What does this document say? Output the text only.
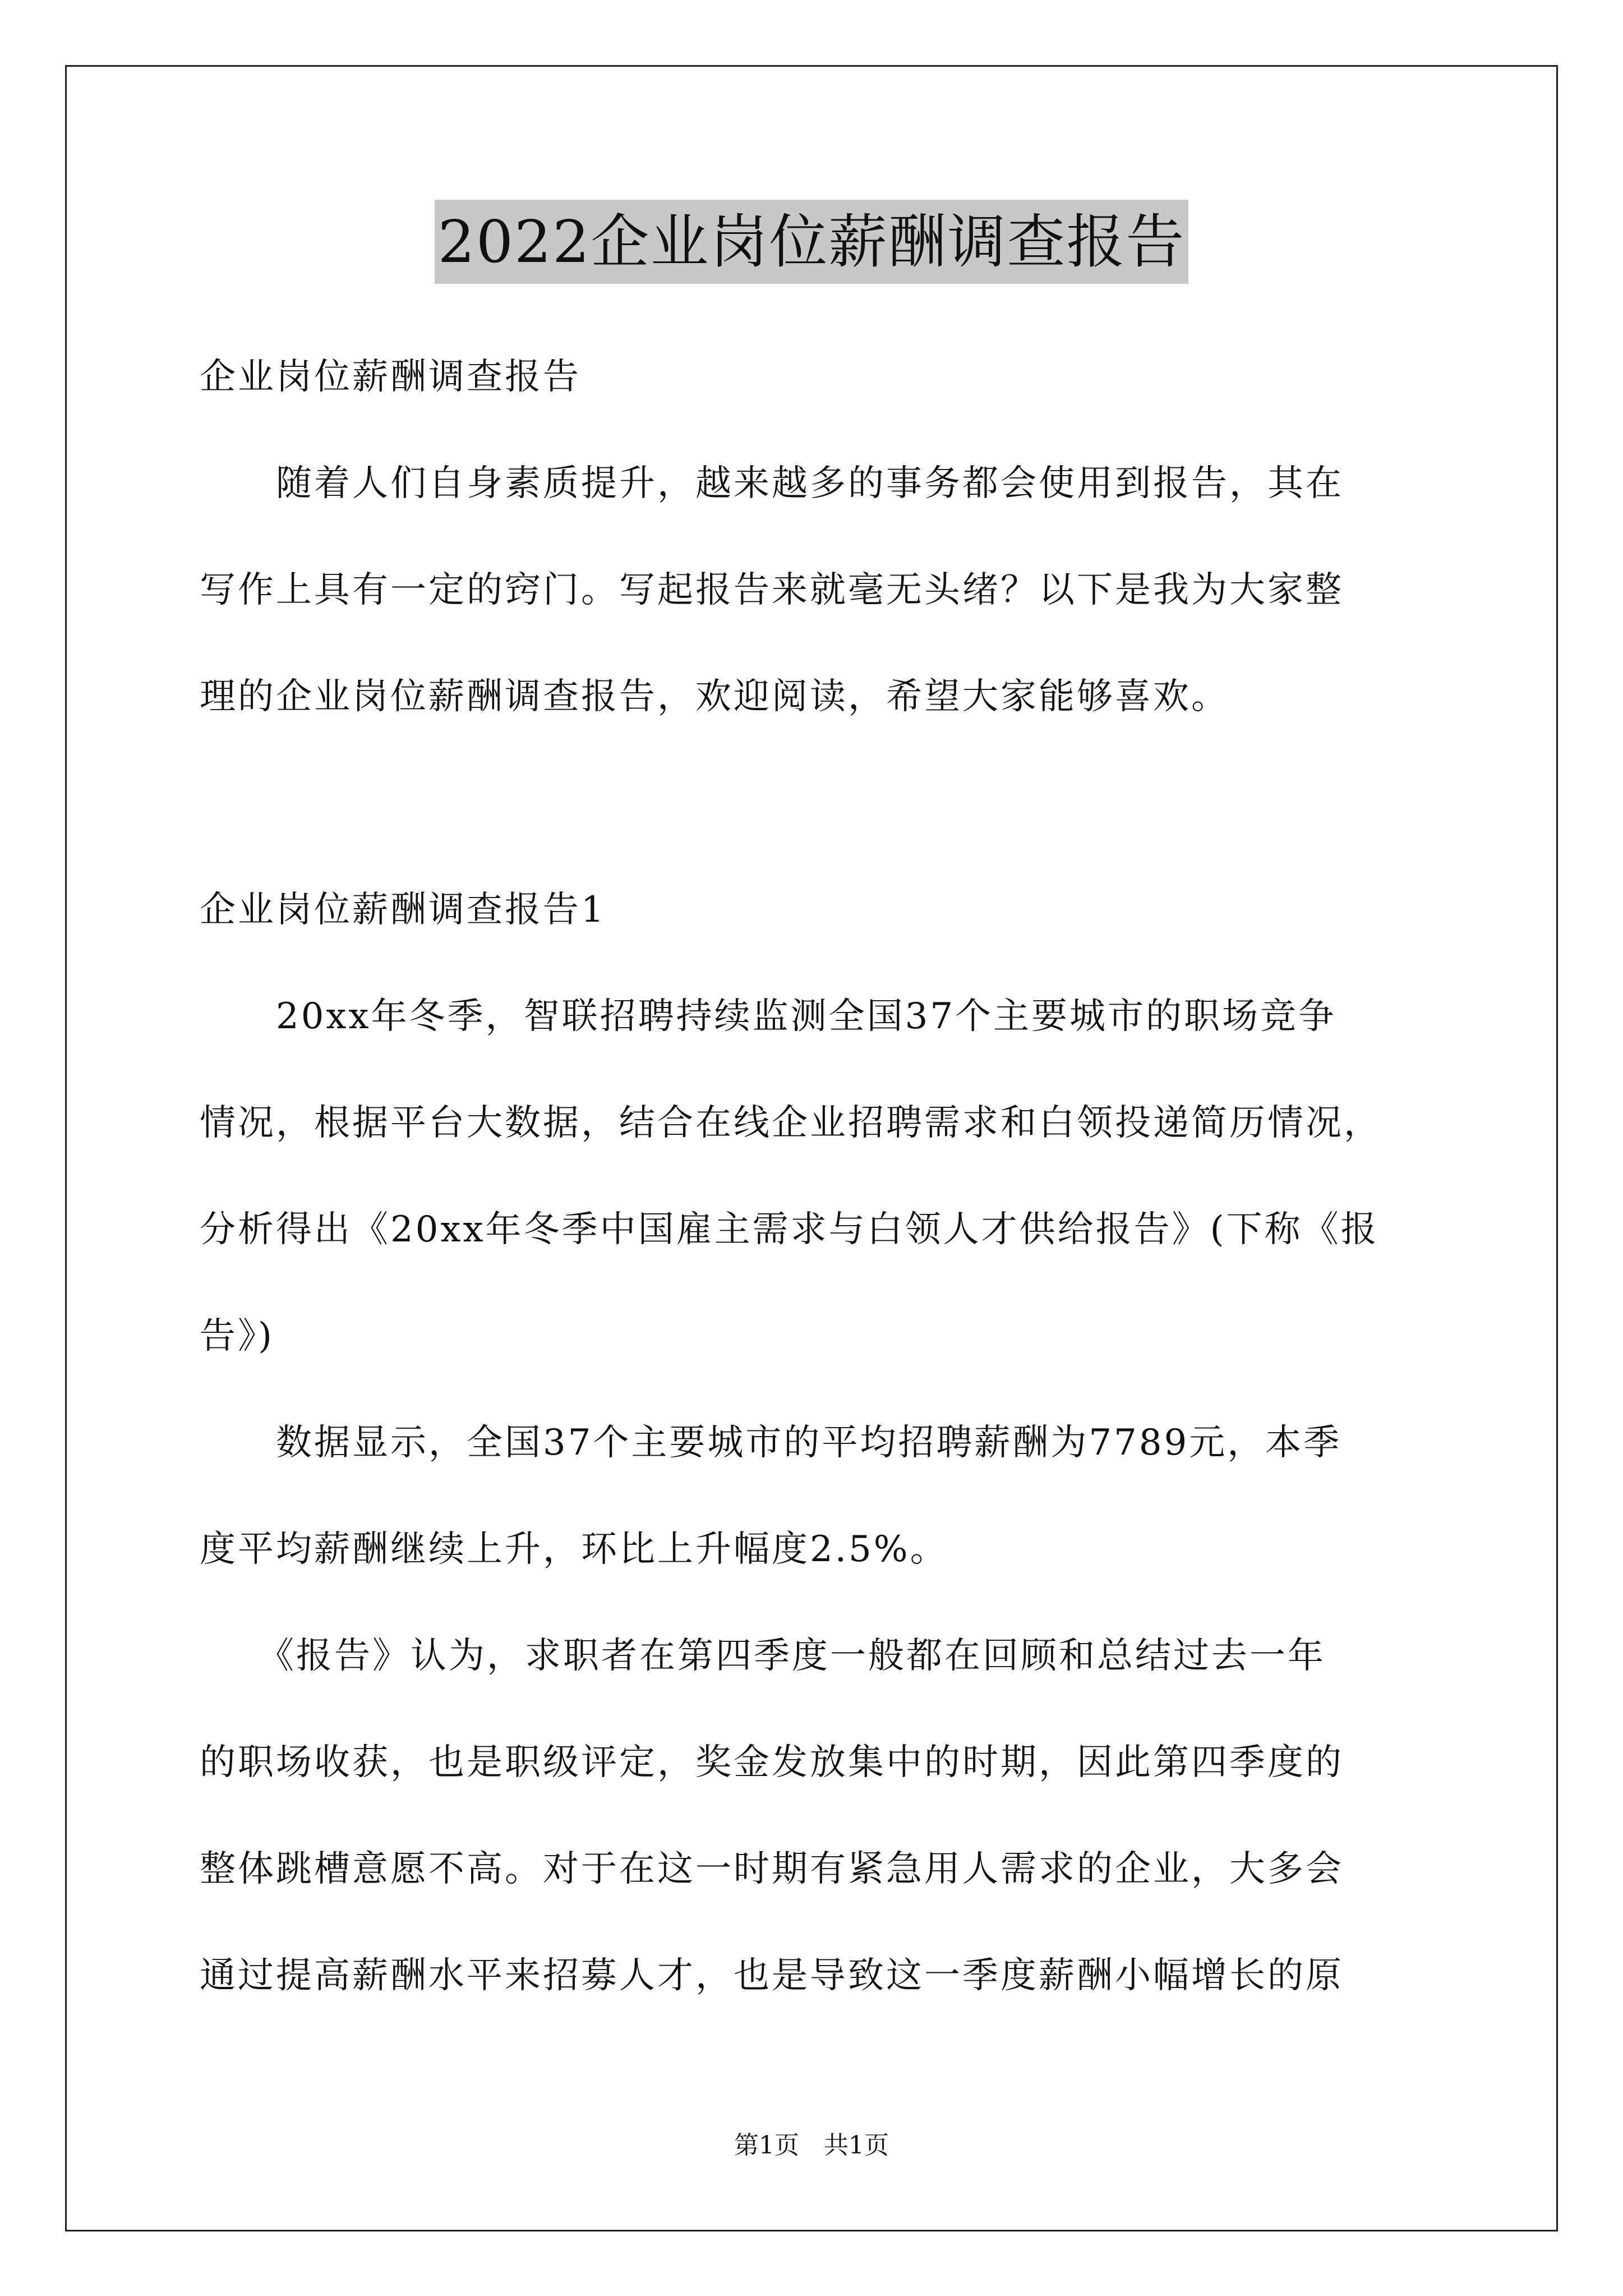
2022企业岗位薪酬调查报告
企业岗位薪酬调查报告
　　随着人们自身素质提升，越来越多的事务都会使用到报告，其在
写作上具有一定的窍门。写起报告来就毫无头绪？以下是我为大家整
理的企业岗位薪酬调查报告，欢迎阅读，希望大家能够喜欢。
企业岗位薪酬调查报告1
　　20xx年冬季，智联招聘持续监测全国37个主要城市的职场竞争
情况，根据平台大数据，结合在线企业招聘需求和白领投递简历情况，
分析得出《20xx年冬季中国雇主需求与白领人才供给报告》(下称《报
告》)
　　数据显示，全国37个主要城市的平均招聘薪酬为7789元，本季
度平均薪酬继续上升，环比上升幅度2.5%。
　　《报告》认为，求职者在第四季度一般都在回顾和总结过去一年
的职场收获，也是职级评定，奖金发放集中的时期，因此第四季度的
整体跳槽意愿不高。对于在这一时期有紧急用人需求的企业，大多会
通过提高薪酬水平来招募人才，也是导致这一季度薪酬小幅增长的原
第1页　共1页
